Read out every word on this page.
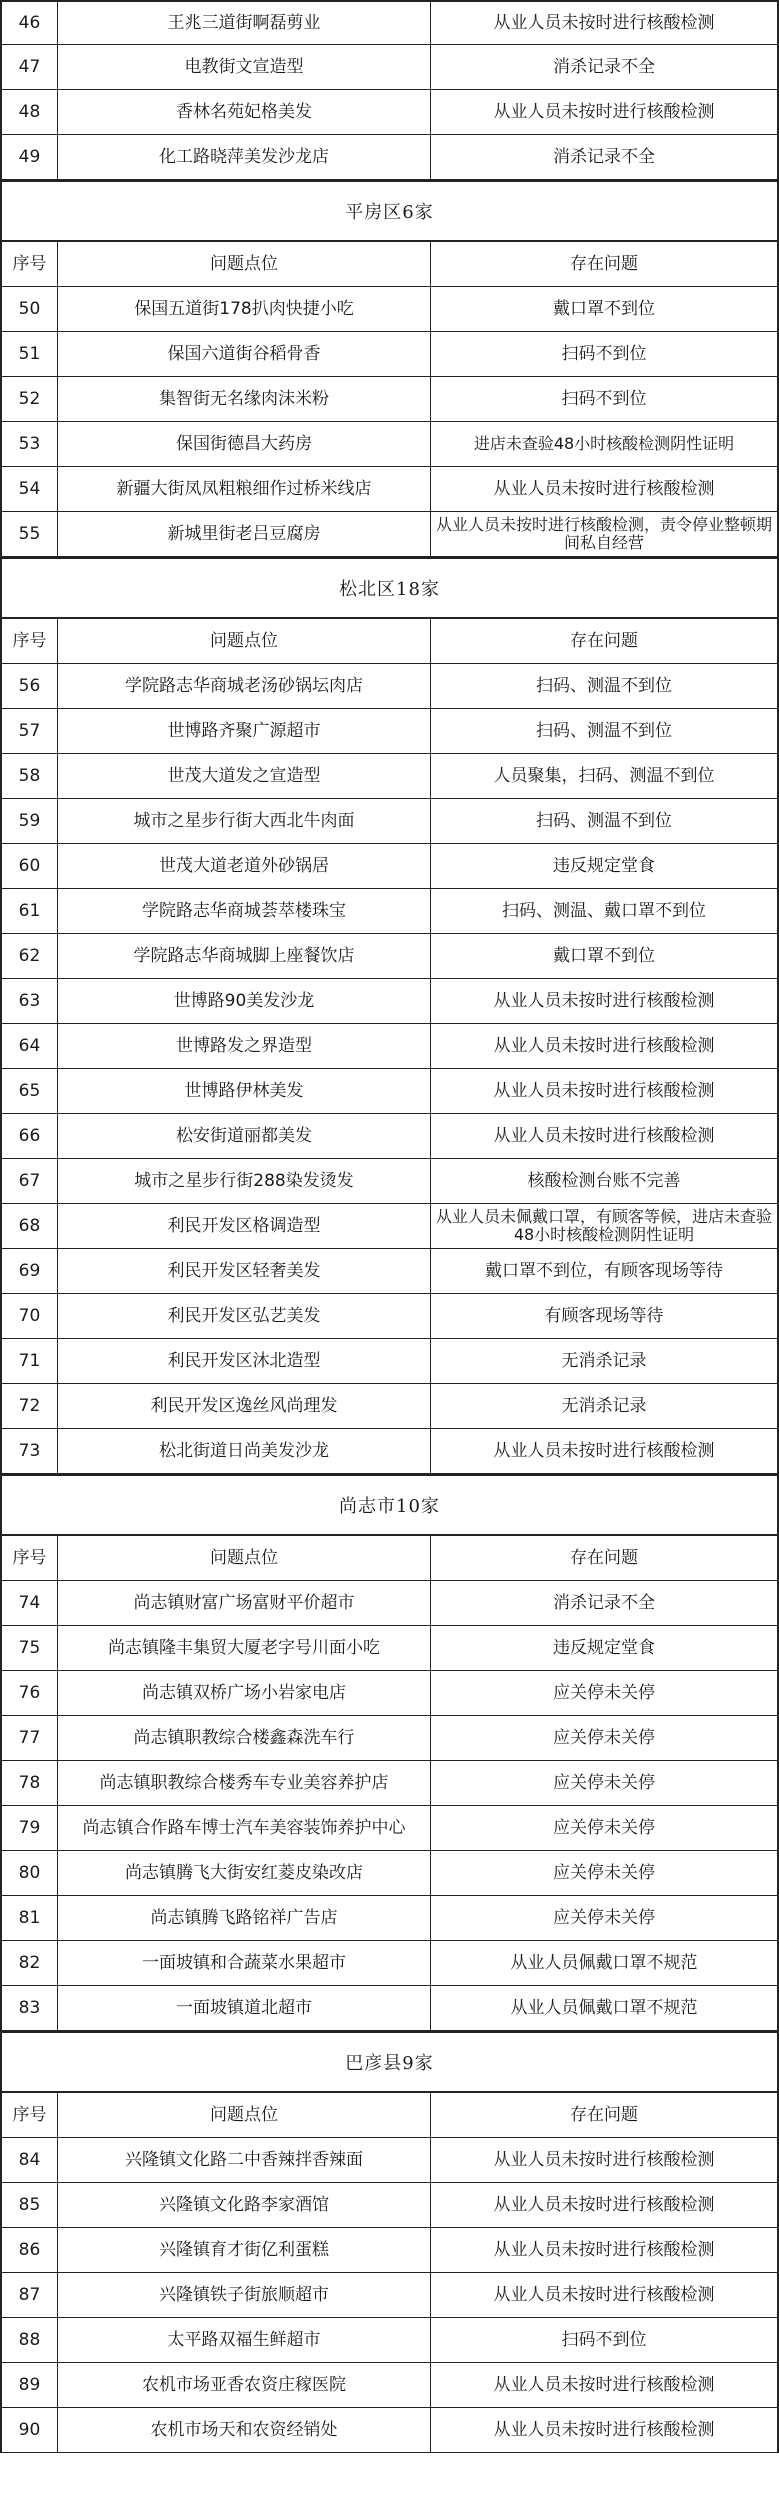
46	王兆三道街啊磊剪业	从业人员未按时进行核酸检测
47	电教街文宣造型	消杀记录不全
48	香林名苑妃格美发	从业人员未按时进行核酸检测
49	化工路晓萍美发沙龙店	消杀记录不全
平房区6家
序号	问题点位	存在问题
50	保国五道街178扒肉快捷小吃	戴口罩不到位
51	保国六道街谷稻骨香	扫码不到位
52	集智街无名缘肉沫米粉	扫码不到位
53	保国街德昌大药房	进店未查验48小时核酸检测阴性证明
54	新疆大街凤凤粗粮细作过桥米线店	从业人员未按时进行核酸检测
55	新城里街老吕豆腐房	从业人员未按时进行核酸检测，责令停业整顿期间私自经营
松北区18家
序号	问题点位	存在问题
56	学院路志华商城老汤砂锅坛肉店	扫码、测温不到位
57	世博路齐聚广源超市	扫码、测温不到位
58	世茂大道发之宣造型	人员聚集，扫码、测温不到位
59	城市之星步行街大西北牛肉面	扫码、测温不到位
60	世茂大道老道外砂锅居	违反规定堂食
61	学院路志华商城荟萃楼珠宝	扫码、测温、戴口罩不到位
62	学院路志华商城脚上座餐饮店	戴口罩不到位
63	世博路90美发沙龙	从业人员未按时进行核酸检测
64	世博路发之界造型	从业人员未按时进行核酸检测
65	世博路伊林美发	从业人员未按时进行核酸检测
66	松安街道丽都美发	从业人员未按时进行核酸检测
67	城市之星步行街288染发烫发	核酸检测台账不完善
68	利民开发区格调造型	从业人员未佩戴口罩，有顾客等候，进店未查验48小时核酸检测阴性证明
69	利民开发区轻奢美发	戴口罩不到位，有顾客现场等待
70	利民开发区弘艺美发	有顾客现场等待
71	利民开发区沐北造型	无消杀记录
72	利民开发区逸丝风尚理发	无消杀记录
73	松北街道日尚美发沙龙	从业人员未按时进行核酸检测
尚志市10家
序号	问题点位	存在问题
74	尚志镇财富广场富财平价超市	消杀记录不全
75	尚志镇隆丰集贸大厦老字号川面小吃	违反规定堂食
76	尚志镇双桥广场小岩家电店	应关停未关停
77	尚志镇职教综合楼鑫森洗车行	应关停未关停
78	尚志镇职教综合楼秀车专业美容养护店	应关停未关停
79	尚志镇合作路车博士汽车美容装饰养护中心	应关停未关停
80	尚志镇腾飞大街安红菱皮染改店	应关停未关停
81	尚志镇腾飞路铭祥广告店	应关停未关停
82	一面坡镇和合蔬菜水果超市	从业人员佩戴口罩不规范
83	一面坡镇道北超市	从业人员佩戴口罩不规范
巴彦县9家
序号	问题点位	存在问题
84	兴隆镇文化路二中香辣拌香辣面	从业人员未按时进行核酸检测
85	兴隆镇文化路李家酒馆	从业人员未按时进行核酸检测
86	兴隆镇育才街亿利蛋糕	从业人员未按时进行核酸检测
87	兴隆镇铁子街旅顺超市	从业人员未按时进行核酸检测
88	太平路双福生鲜超市	扫码不到位
89	农机市场亚香农资庄稼医院	从业人员未按时进行核酸检测
90	农机市场天和农资经销处	从业人员未按时进行核酸检测
